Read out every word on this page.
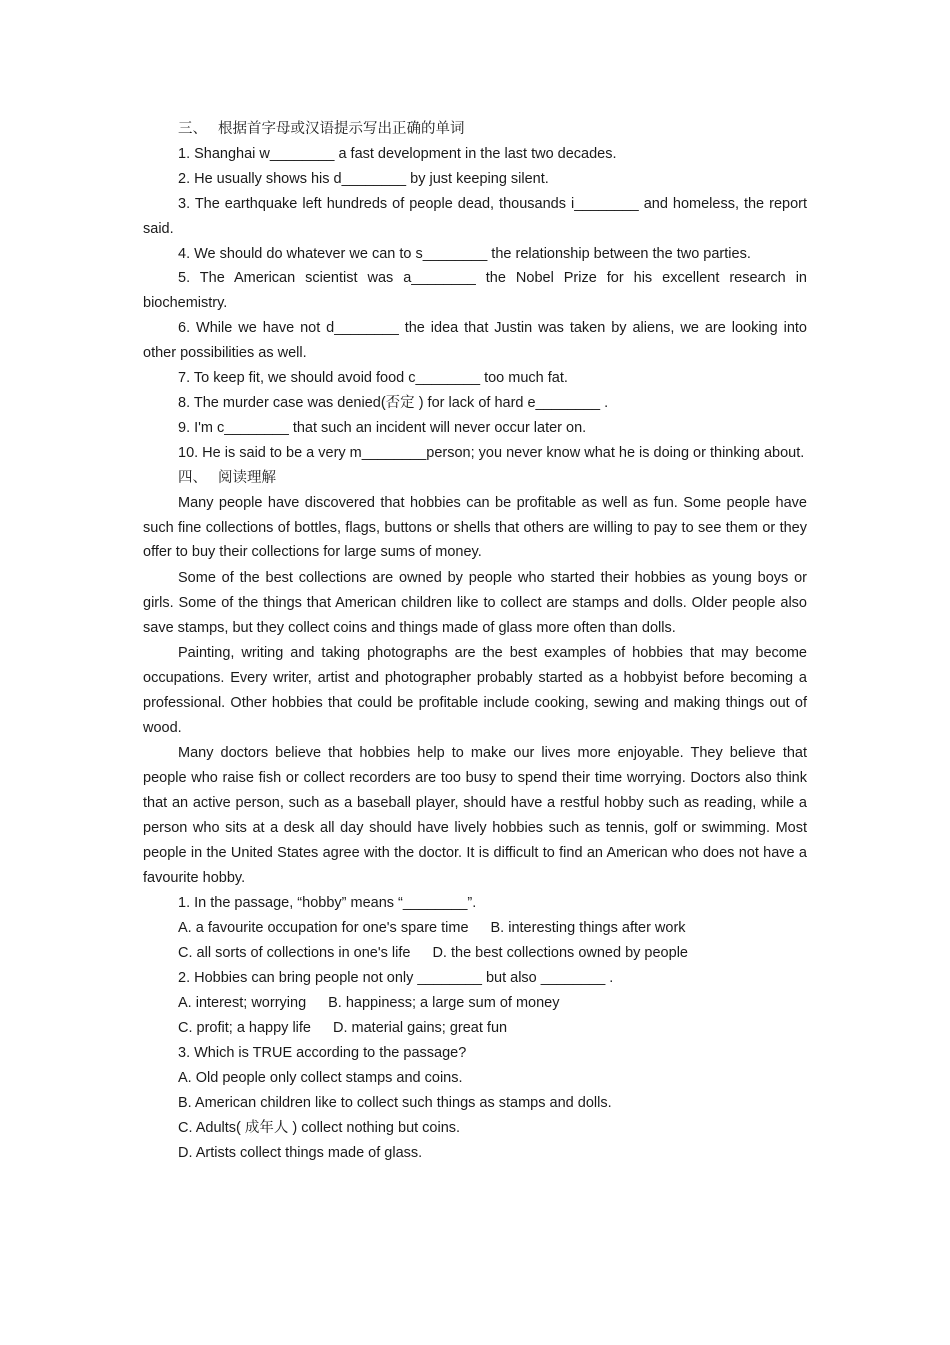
三、 根据首字母或汉语提示写出正确的单词
1. Shanghai w________ a fast development in the last two decades.
2. He usually shows his d________ by just keeping silent.
3. The earthquake left hundreds of people dead, thousands i________ and homeless, the report said.
4. We should do whatever we can to s________ the relationship between the two parties.
5. The American scientist was a________ the Nobel Prize for his excellent research in biochemistry.
6. While we have not d________ the idea that Justin was taken by aliens, we are looking into other possibilities as well.
7. To keep fit, we should avoid food c________ too much fat.
8. The murder case was denied(否定 ) for lack of hard e________ .
9. I'm c________ that such an incident will never occur later on.
10. He is said to be a very m________person; you never know what he is doing or thinking about.
四、 阅读理解
Many people have discovered that hobbies can be profitable as well as fun. Some people have such fine collections of bottles, flags, buttons or shells that others are willing to pay to see them or they offer to buy their collections for large sums of money.
Some of the best collections are owned by people who started their hobbies as young boys or girls. Some of the things that American children like to collect are stamps and dolls. Older people also save stamps, but they collect coins and things made of glass more often than dolls.
Painting, writing and taking photographs are the best examples of hobbies that may become occupations. Every writer, artist and photographer probably started as a hobbyist before becoming a professional. Other hobbies that could be profitable include cooking, sewing and making things out of wood.
Many doctors believe that hobbies help to make our lives more enjoyable. They believe that people who raise fish or collect recorders are too busy to spend their time worrying. Doctors also think that an active person, such as a baseball player, should have a restful hobby such as reading, while a person who sits at a desk all day should have lively hobbies such as tennis, golf or swimming. Most people in the United States agree with the doctor. It is difficult to find an American who does not have a favourite hobby.
1. In the passage, “hobby” means “________”.
A. a favourite occupation for one's spare time B. interesting things after work
C. all sorts of collections in one's life D. the best collections owned by people
2. Hobbies can bring people not only ________ but also ________ .
A. interest; worrying B. happiness; a large sum of money
C. profit; a happy life D. material gains; great fun
3. Which is TRUE according to the passage?
A. Old people only collect stamps and coins.
B. American children like to collect such things as stamps and dolls.
C. Adults( 成年人 ) collect nothing but coins.
D. Artists collect things made of glass.
